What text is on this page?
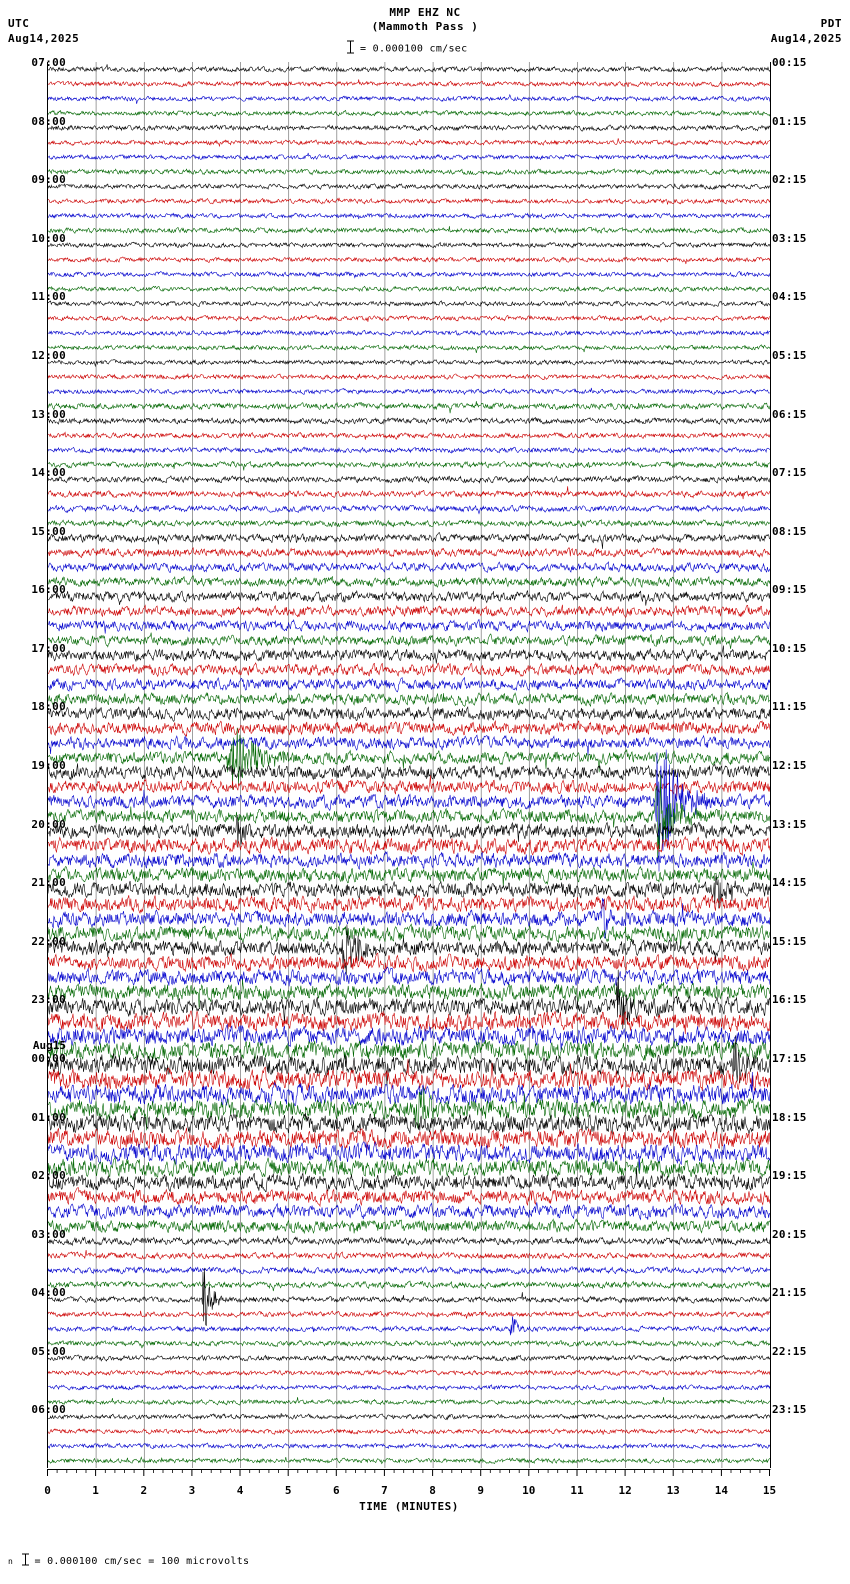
UTC
Aug14,2025
PDT
Aug14,2025
MMP EHZ NC
(Mammoth Pass )
= 0.000100 cm/sec
07:00	00:15
08:00	01:15
09:00	02:15
10:00	03:15
11:00	04:15
12:00	05:15
13:00	06:15
14:00	07:15
15:00	08:15
16:00	09:15
17:00	10:15
18:00	11:15
19:00	12:15
20:00	13:15
21:00	14:15
22:00	15:15
23:00	16:15
00:00	17:15
01:00	18:15
02:00	19:15
03:00	20:15
04:00	21:15
05:00	22:15
06:00	23:15
Aug15
0	1	2	3	4	5	6	7	8	9	10	11	12	13	14	15
TIME (MINUTES)
n = 0.000100 cm/sec = 100 microvolts
